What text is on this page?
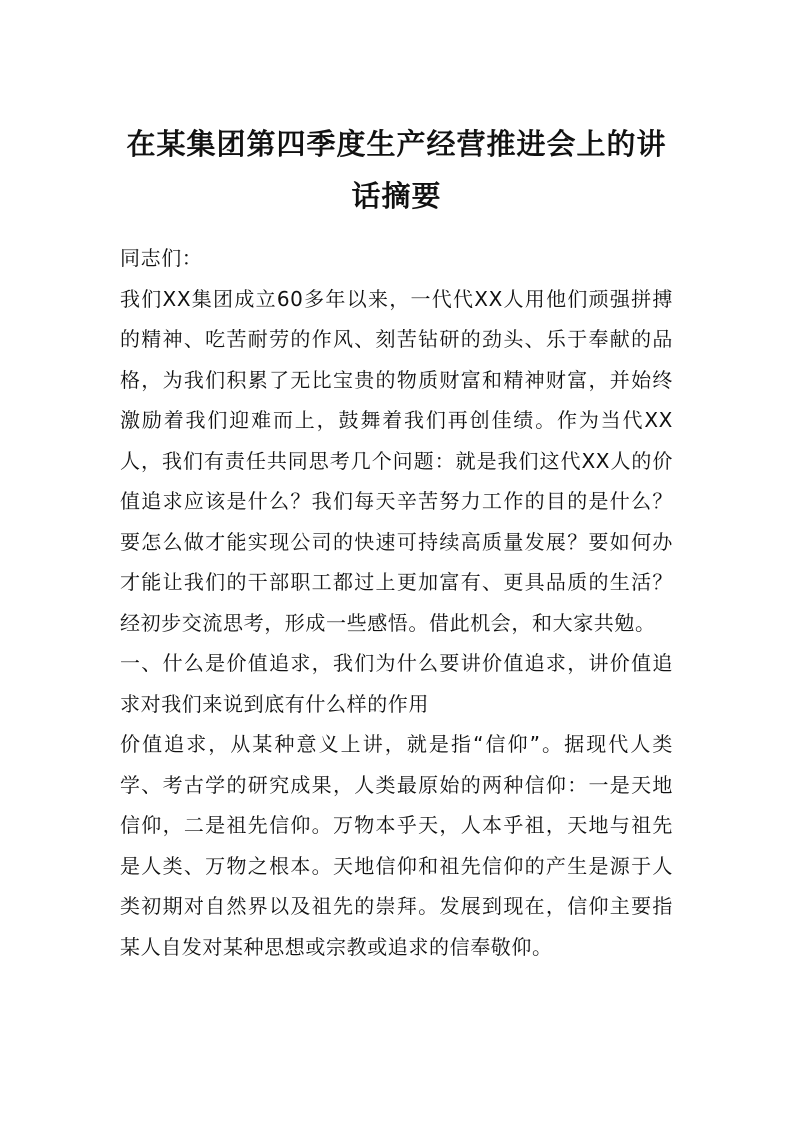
在某集团第四季度生产经营推进会上的讲话摘要

同志们：

我们XX集团成立60多年以来，一代代XX人用他们顽强拼搏的精神、吃苦耐劳的作风、刻苦钻研的劲头、乐于奉献的品格，为我们积累了无比宝贵的物质财富和精神财富，并始终激励着我们迎难而上，鼓舞着我们再创佳绩。作为当代XX人，我们有责任共同思考几个问题：就是我们这代XX人的价值追求应该是什么？我们每天辛苦努力工作的目的是什么？要怎么做才能实现公司的快速可持续高质量发展？要如何办才能让我们的干部职工都过上更加富有、更具品质的生活？经初步交流思考，形成一些感悟。借此机会，和大家共勉。

一、什么是价值追求，我们为什么要讲价值追求，讲价值追求对我们来说到底有什么样的作用

价值追求，从某种意义上讲，就是指“信仰”。据现代人类学、考古学的研究成果，人类最原始的两种信仰：一是天地信仰，二是祖先信仰。万物本乎天，人本乎祖，天地与祖先是人类、万物之根本。天地信仰和祖先信仰的产生是源于人类初期对自然界以及祖先的崇拜。发展到现在，信仰主要指某人自发对某种思想或宗教或追求的信奉敬仰。
